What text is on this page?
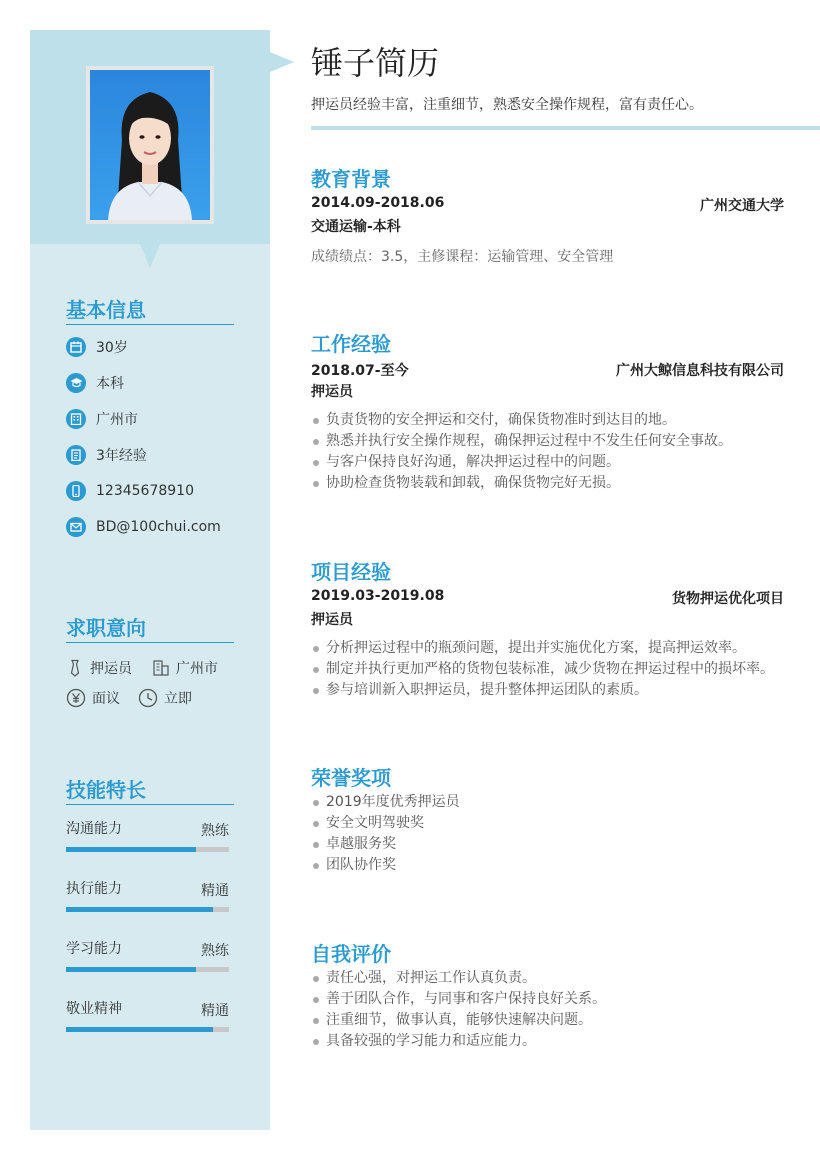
基本信息
30岁
本科
广州市
3年经验
12345678910
BD@100chui.com
求职意向
押运员	广州市
面议	立即
技能特长
沟通能力	熟练
执行能力	精通
学习能力	熟练
敬业精神	精通
锤子简历
押运员经验丰富，注重细节，熟悉安全操作规程，富有责任心。
教育背景
2014.09-2018.06	广州交通大学
交通运输-本科
成绩绩点：3.5，主修课程：运输管理、安全管理
工作经验
2018.07-至今	广州大鲸信息科技有限公司
押运员
负责货物的安全押运和交付，确保货物准时到达目的地。
熟悉并执行安全操作规程，确保押运过程中不发生任何安全事故。
与客户保持良好沟通，解决押运过程中的问题。
协助检查货物装载和卸载，确保货物完好无损。
项目经验
2019.03-2019.08	货物押运优化项目
押运员
分析押运过程中的瓶颈问题，提出并实施优化方案，提高押运效率。
制定并执行更加严格的货物包装标准，减少货物在押运过程中的损坏率。
参与培训新入职押运员，提升整体押运团队的素质。
荣誉奖项
2019年度优秀押运员
安全文明驾驶奖
卓越服务奖
团队协作奖
自我评价
责任心强，对押运工作认真负责。
善于团队合作，与同事和客户保持良好关系。
注重细节，做事认真，能够快速解决问题。
具备较强的学习能力和适应能力。
